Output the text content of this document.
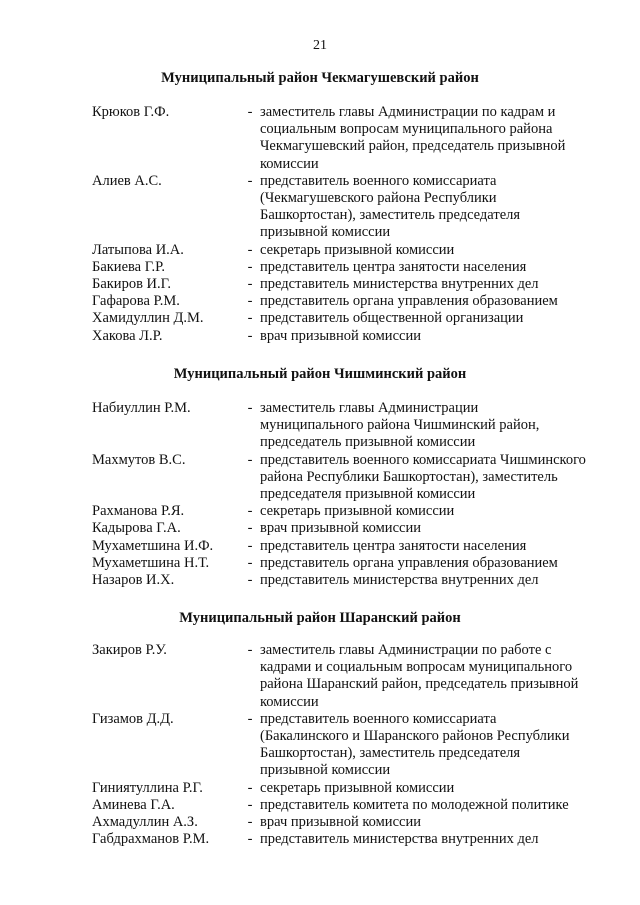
21
Муниципальный район Чекмагушевский район
Крюков Г.Ф.	- заместитель главы Администрации по кадрам и
социальным вопросам муниципального района
Чекмагушевский район, председатель призывной
комиссии
Алиев А.С.	- представитель военного комиссариата
(Чекмагушевского района Республики
Башкортостан), заместитель председателя
призывной комиссии
Латыпова И.А.	- секретарь призывной комиссии
Бакиева Г.Р.	- представитель центра занятости населения
Бакиров И.Г.	- представитель министерства внутренних дел
Гафарова Р.М.	- представитель органа управления образованием
Хамидуллин Д.М.	- представитель общественной организации
Хакова Л.Р.	- врач призывной комиссии
Муниципальный район Чишминский район
Набиуллин Р.М.	- заместитель главы Администрации
муниципального района Чишминский район,
председатель призывной комиссии
Махмутов В.С.	- представитель военного комиссариата Чишминского
района Республики Башкортостан), заместитель
председателя призывной комиссии
Рахманова Р.Я.	- секретарь призывной комиссии
Кадырова Г.А.	- врач призывной комиссии
Мухаметшина И.Ф.	- представитель центра занятости населения
Мухаметшина Н.Т.	- представитель органа управления образованием
Назаров И.Х.	- представитель министерства внутренних дел
Муниципальный район Шаранский район
Закиров Р.У.	- заместитель главы Администрации по работе с
кадрами и социальным вопросам муниципального
района Шаранский район, председатель призывной
комиссии
Гизамов Д.Д.	- представитель военного комиссариата
(Бакалинского и Шаранского районов Республики
Башкортостан), заместитель председателя
призывной комиссии
Гиниятуллина Р.Г.	- секретарь призывной комиссии
Аминева Г.А.	- представитель комитета по молодежной политике
Ахмадуллин А.З.	- врач призывной комиссии
Габдрахманов Р.М.	- представитель министерства внутренних дел
